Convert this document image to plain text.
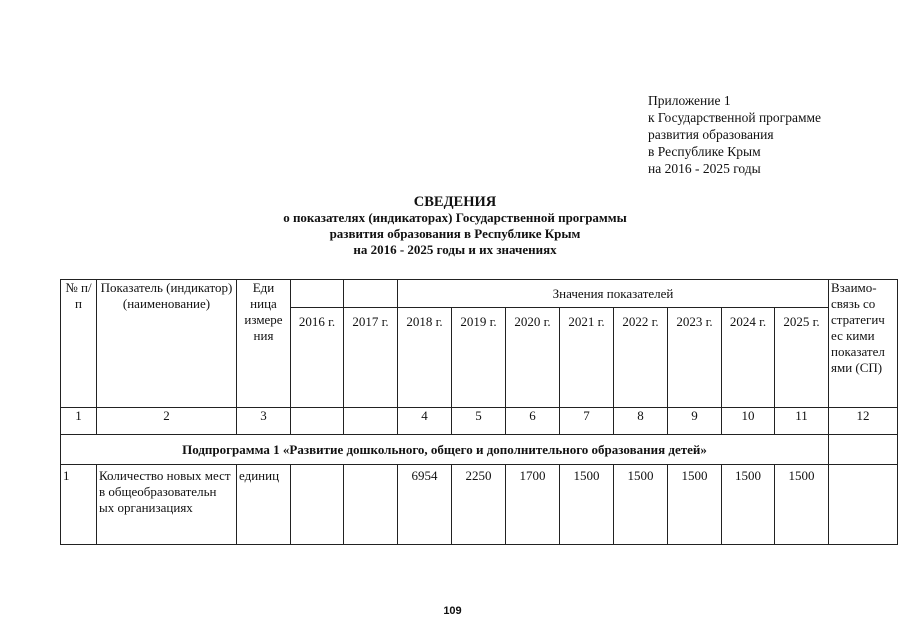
Приложение 1
к Государственной программе
развития образования
в Республике Крым
на 2016 - 2025 годы
СВЕДЕНИЯ
о показателях (индикаторах) Государственной программы
развития образования в Республике Крым
на 2016 - 2025 годы и их значениях
№ п/п	Показатель (индикатор) (наименование)	Еди ница измере ния			Значения показателей								Взаимо-связь со стратегич ес кими показател ями (СП)
			2016 г.	2017 г.	2018 г.	2019 г.	2020 г.	2021 г.	2022 г.	2023 г.	2024 г.	2025 г.	
1	2	3			4	5	6	7	8	9	10	11	12
Подпрограмма 1 «Развитие дошкольного, общего и дополнительного образования детей»													
1	Количество новых мест в общеобразовательн ых организациях	единиц			6954	2250	1700	1500	1500	1500	1500	1500	
109
